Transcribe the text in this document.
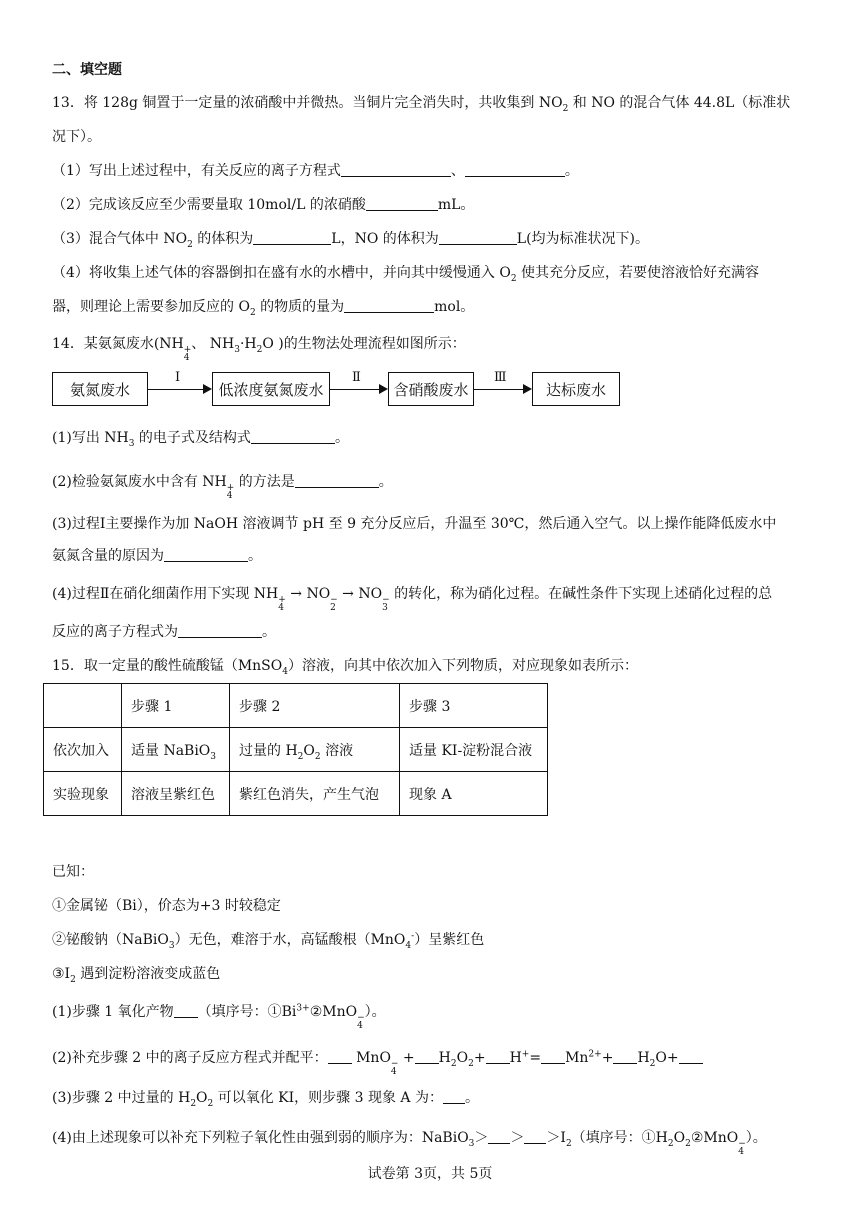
二、填空题
13．将 128g 铜置于一定量的浓硝酸中并微热。当铜片完全消失时，共收集到 $NO_2$ 和 NO 的混合气体 44.8L（标准状
况下）。
（1）写出上述过程中，有关反应的离子方程式	、	。
（2）完成该反应至少需要量取 10mol/L 的浓硝酸	mL。
（3）混合气体中 $NO_2$ 的体积为	L，NO 的体积为	L(均为标准状况下)。
（4）将收集上述气体的容器倒扣在盛有水的水槽中，并向其中缓慢通入 $O_2$ 使其充分反应，若要使溶液恰好充满容
器，则理论上需要参加反应的 $O_2$ 的物质的量为	mol。
14．某氨氮废水(NH +
4
、 $NH_3\cdot H_2O$ )的生物法处理流程如图所示：
氨氮废水
Ⅰ
低浓度氨氮废水
Ⅱ
含硝酸废水
Ⅲ
达标废水
(1)写出 $NH_3$ 的电子式及结构式	。
(2)检验氨氮废水中含有 NH +
4
的方法是	。
(3)过程Ⅰ主要操作为加 NaOH 溶液调节 pH 至 9 充分反应后，升温至 30℃，然后通入空气。以上操作能降低废水中
氨氮含量的原因为	。
(4)过程Ⅱ在硝化细菌作用下实现 NH +
4
→ NO −
2
→ NO −
3
的转化，称为硝化过程。在碱性条件下实现上述硝化过程的总
反应的离子方程式为	。
15．取一定量的酸性硫酸锰（MnSO$_4$）溶液，向其中依次加入下列物质，对应现象如表所示：
	步骤 1	步骤 2	步骤 3
依次加入	适量 NaBiO$_3$	过量的 $H_2O_2$ 溶液	适量 KI-淀粉混合液
实验现象	溶液呈紫红色	紫红色消失，产生气泡	现象 A
已知：
①金属铋（Bi），价态为+3 时较稳定
②铋酸钠（NaBiO$_3$）无色，难溶于水，高锰酸根（MnO$_4$-）呈紫红色
$③I_2$ 遇到淀粉溶液变成蓝色
(1)步骤 1 氧化产物 （填序号：$①Bi^{3+}②MnO$ −
4
）。
(2)补充步骤 2 中的离子反应方程式并配平： MnO −
4
+ $H_2O_2+ H^+= Mn^{2+}+ H_2O+$
(3)步骤 2 中过量的 $H_2O_2$ 可以氧化 KI，则步骤 3 现象 A 为： 。
(4)由上述现象可以补充下列粒子氧化性由强到弱的顺序为：NaBiO$_3$＞ ＞ $>I_2$（填序号：$①H_2O_2②MnO$ −
4
）。
试卷第 3页，共 5页
